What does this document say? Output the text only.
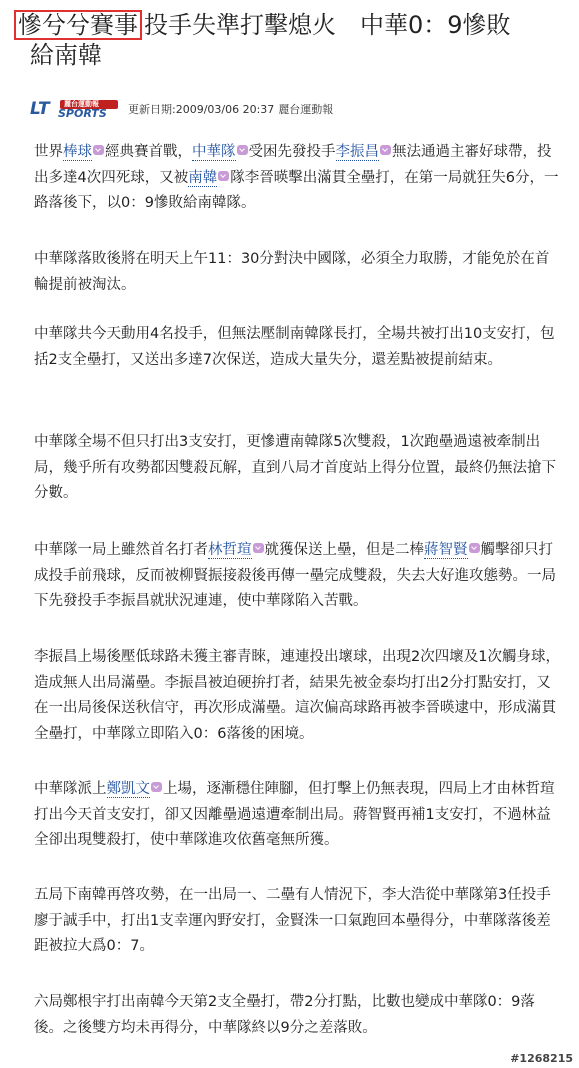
慘兮兮賽事 投手失準打擊熄火　中華0：9慘敗
給南韓
LT 麗台運動報
SPORTS 更新日期:2009/03/06 20:37 麗台運動報

世界棒球 經典賽首戰，中華隊 受困先發投手李振昌 無法通過主審好球帶，投出多達4次四死球，又被南韓 隊李晉暎擊出滿貫全壘打，在第一局就狂失6分，一路落後下，以0：9慘敗給南韓隊。

中華隊落敗後將在明天上午11：30分對決中國隊，必須全力取勝，才能免於在首輪提前被淘汰。

中華隊共今天動用4名投手，但無法壓制南韓隊長打，全場共被打出10支安打，包括2支全壘打，又送出多達7次保送，造成大量失分，還差點被提前結束。

中華隊全場不但只打出3支安打，更慘遭南韓隊5次雙殺，1次跑壘過遠被牽制出局，幾乎所有攻勢都因雙殺瓦解，直到八局才首度站上得分位置，最終仍無法搶下分數。

中華隊一局上雖然首名打者林哲瑄 就獲保送上壘，但是二棒蔣智賢 觸擊卻只打成投手前飛球，反而被柳賢振接殺後再傳一壘完成雙殺，失去大好進攻態勢。一局下先發投手李振昌就狀況連連，使中華隊陷入苦戰。

李振昌上場後壓低球路未獲主審青睞，連連投出壞球，出現2次四壞及1次觸身球，造成無人出局滿壘。李振昌被迫硬拚打者，結果先被金泰均打出2分打點安打，又在一出局後保送秋信守，再次形成滿壘。這次偏高球路再被李晉暎逮中，形成滿貫全壘打，中華隊立即陷入0：6落後的困境。

中華隊派上鄭凱文 上場，逐漸穩住陣腳，但打擊上仍無表現，四局上才由林哲瑄打出今天首支安打，卻又因離壘過遠遭牽制出局。蔣智賢再補1支安打，不過林益全卻出現雙殺打，使中華隊進攻依舊毫無所獲。

五局下南韓再啓攻勢，在一出局一、二壘有人情況下，李大浩從中華隊第3任投手廖于誠手中，打出1支幸運內野安打，金賢洙一口氣跑回本壘得分，中華隊落後差距被拉大爲0：7。

六局鄭根宇打出南韓今天第2支全壘打，帶2分打點，比數也變成中華隊0：9落後。之後雙方均未再得分，中華隊終以9分之差落敗。

#1268215
